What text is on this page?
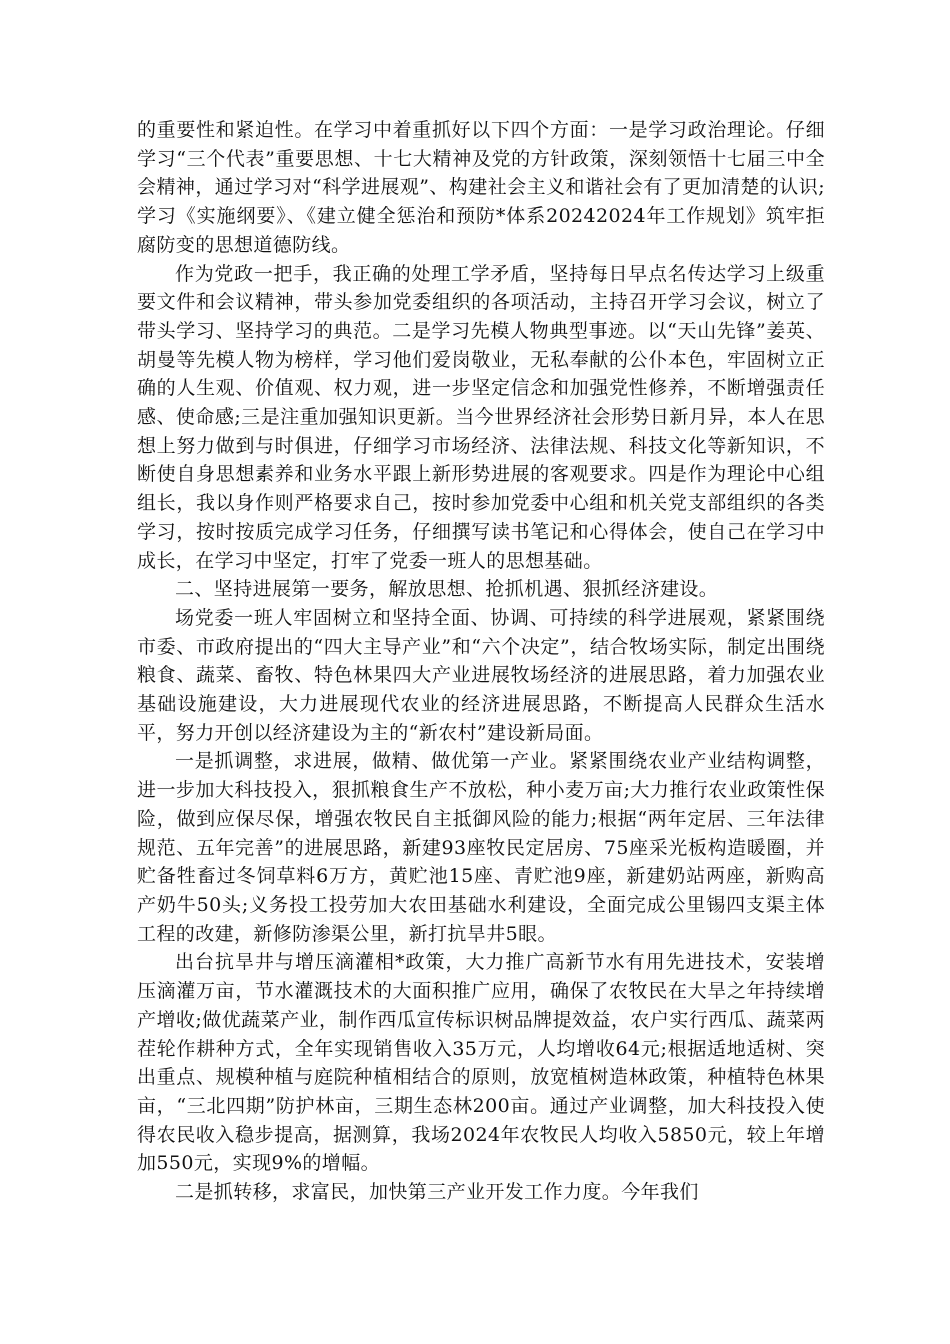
的重要性和紧迫性。在学习中着重抓好以下四个方面：一是学习政治理论。仔细学习“三个代表”重要思想、十七大精神及党的方针政策，深刻领悟十七届三中全会精神，通过学习对“科学进展观”、构建社会主义和谐社会有了更加清楚的认识;学习《实施纲要》、《建立健全惩治和预防*体系20242024年工作规划》筑牢拒腐防变的思想道德防线。

作为党政一把手，我正确的处理工学矛盾，坚持每日早点名传达学习上级重要文件和会议精神，带头参加党委组织的各项活动，主持召开学习会议，树立了带头学习、坚持学习的典范。二是学习先模人物典型事迹。以“天山先锋”姜英、胡曼等先模人物为榜样，学习他们爱岗敬业，无私奉献的公仆本色，牢固树立正确的人生观、价值观、权力观，进一步坚定信念和加强党性修养，不断增强责任感、使命感;三是注重加强知识更新。当今世界经济社会形势日新月异，本人在思想上努力做到与时俱进，仔细学习市场经济、法律法规、科技文化等新知识，不断使自身思想素养和业务水平跟上新形势进展的客观要求。四是作为理论中心组组长，我以身作则严格要求自己，按时参加党委中心组和机关党支部组织的各类学习，按时按质完成学习任务，仔细撰写读书笔记和心得体会，使自己在学习中成长，在学习中坚定，打牢了党委一班人的思想基础。

二、坚持进展第一要务，解放思想、抢抓机遇、狠抓经济建设。

场党委一班人牢固树立和坚持全面、协调、可持续的科学进展观，紧紧围绕市委、市政府提出的“四大主导产业”和“六个决定”，结合牧场实际，制定出围绕粮食、蔬菜、畜牧、特色林果四大产业进展牧场经济的进展思路，着力加强农业基础设施建设，大力进展现代农业的经济进展思路，不断提高人民群众生活水平，努力开创以经济建设为主的“新农村”建设新局面。

一是抓调整，求进展，做精、做优第一产业。紧紧围绕农业产业结构调整，进一步加大科技投入，狠抓粮食生产不放松，种小麦万亩;大力推行农业政策性保险，做到应保尽保，增强农牧民自主抵御风险的能力;根据“两年定居、三年法律规范、五年完善”的进展思路，新建93座牧民定居房、75座采光板构造暖圈，并贮备牲畜过冬饲草料6万方，黄贮池15座、青贮池9座，新建奶站两座，新购高产奶牛50头;义务投工投劳加大农田基础水利建设，全面完成公里锡四支渠主体工程的改建，新修防渗渠公里，新打抗旱井5眼。

出台抗旱井与增压滴灌相*政策，大力推广高新节水有用先进技术，安装增压滴灌万亩，节水灌溉技术的大面积推广应用，确保了农牧民在大旱之年持续增产增收;做优蔬菜产业，制作西瓜宣传标识树品牌提效益，农户实行西瓜、蔬菜两茬轮作耕种方式，全年实现销售收入35万元，人均增收64元;根据适地适树、突出重点、规模种植与庭院种植相结合的原则，放宽植树造林政策，种植特色林果亩，“三北四期”防护林亩，三期生态林200亩。通过产业调整，加大科技投入使得农民收入稳步提高，据测算，我场2024年农牧民人均收入5850元，较上年增加550元，实现9%的增幅。

二是抓转移，求富民，加快第三产业开发工作力度。今年我们
